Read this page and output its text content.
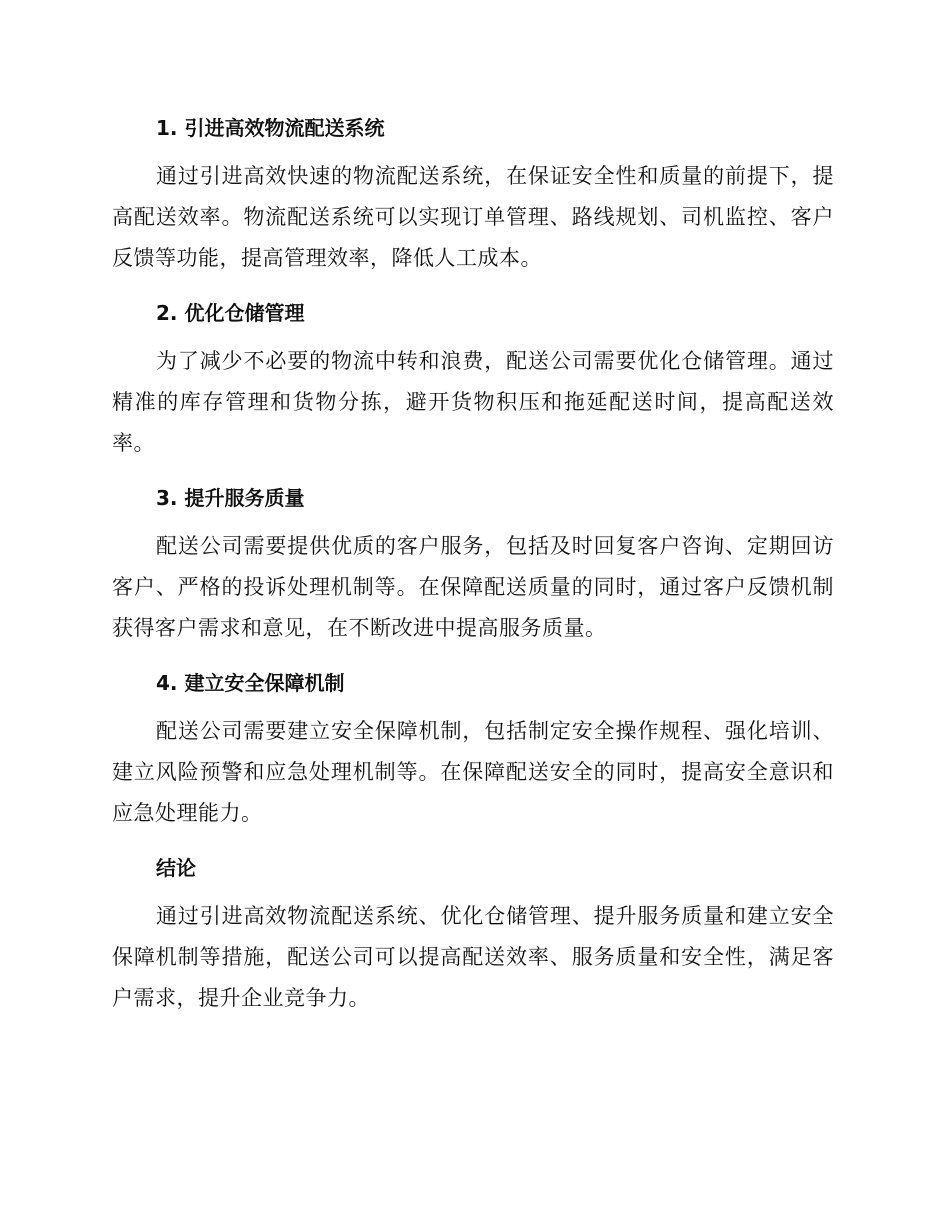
1. 引进高效物流配送系统

通过引进高效快速的物流配送系统，在保证安全性和质量的前提下，提高配送效率。物流配送系统可以实现订单管理、路线规划、司机监控、客户反馈等功能，提高管理效率，降低人工成本。

2. 优化仓储管理

为了减少不必要的物流中转和浪费，配送公司需要优化仓储管理。通过精准的库存管理和货物分拣，避开货物积压和拖延配送时间，提高配送效率。

3. 提升服务质量

配送公司需要提供优质的客户服务，包括及时回复客户咨询、定期回访客户、严格的投诉处理机制等。在保障配送质量的同时，通过客户反馈机制获得客户需求和意见，在不断改进中提高服务质量。

4. 建立安全保障机制

配送公司需要建立安全保障机制，包括制定安全操作规程、强化培训、建立风险预警和应急处理机制等。在保障配送安全的同时，提高安全意识和应急处理能力。

结论

通过引进高效物流配送系统、优化仓储管理、提升服务质量和建立安全保障机制等措施，配送公司可以提高配送效率、服务质量和安全性，满足客户需求，提升企业竞争力。
